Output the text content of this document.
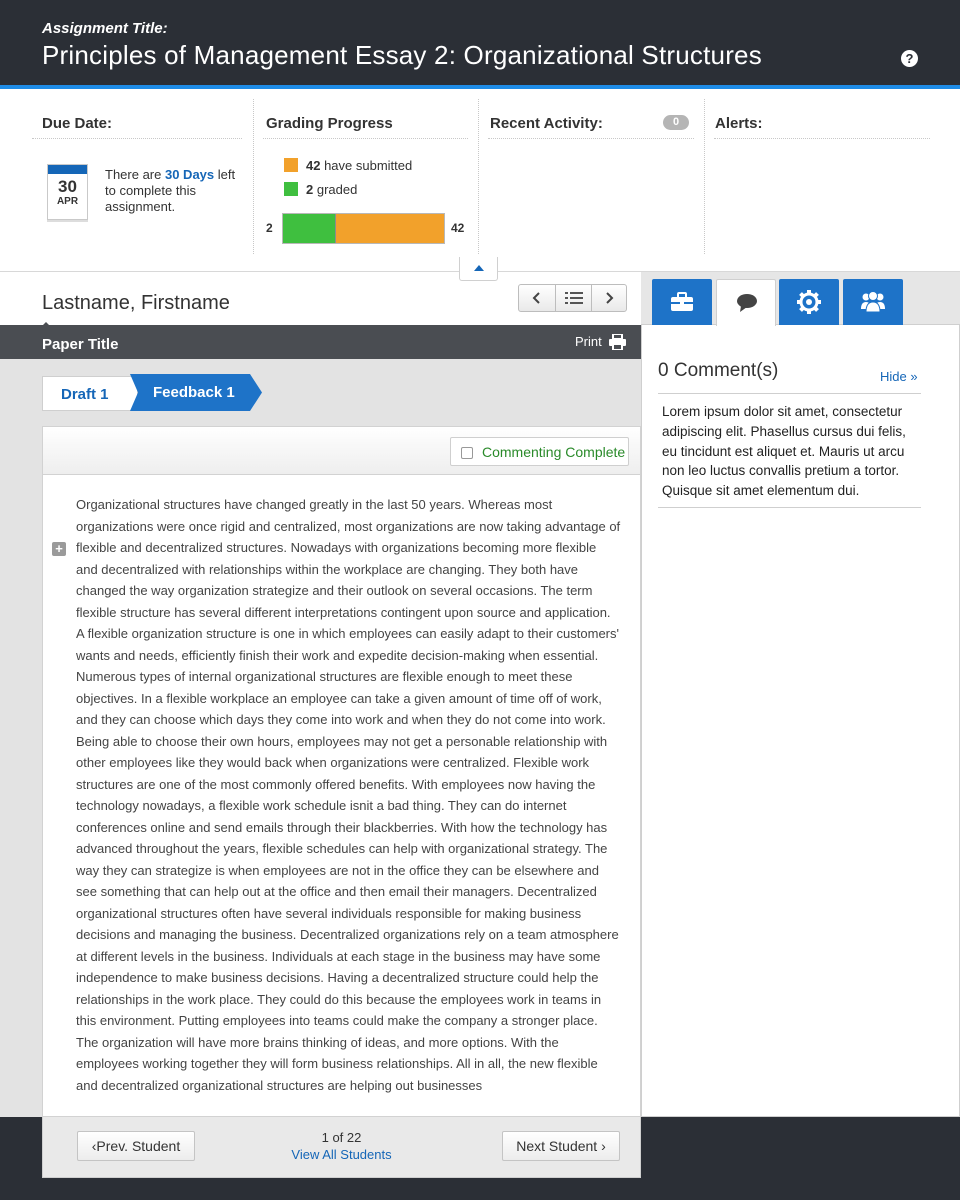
Assignment Title:
Principles of Management Essay 2: Organizational Structures	?
Due Date:	Grading Progress	Recent Activity:	0	Alerts:
30
APR
There are 30 Days left to complete this assignment.
42 have submitted
2 graded
2	42
Lastname, Firstname
Paper Title	Print
Draft 1	Feedback 1
Commenting Complete
+
Organizational structures have changed greatly in the last 50 years. Whereas most organizations were once rigid and centralized, most organizations are now taking advantage of flexible and decentralized structures. Nowadays with organizations becoming more flexible and decentralized with relationships within the workplace are changing. They both have changed the way organization strategize and their outlook on several occasions. The term flexible structure has several different interpretations contingent upon source and application. A flexible organization structure is one in which employees can easily adapt to their customers' wants and needs, efficiently finish their work and expedite decision-making when essential. Numerous types of internal organizational structures are flexible enough to meet these objectives. In a flexible workplace an employee can take a given amount of time off of work, and they can choose which days they come into work and when they do not come into work. Being able to choose their own hours, employees may not get a personable relationship with other employees like they would back when organizations were centralized. Flexible work structures are one of the most commonly offered benefits. With employees now having the technology nowadays, a flexible work schedule isnit a bad thing. They can do internet conferences online and send emails through their blackberries. With how the technology has advanced throughout the years, flexible schedules can help with organizational strategy. The way they can strategize is when employees are not in the office they can be elsewhere and see something that can help out at the office and then email their managers. Decentralized organizational structures often have several individuals responsible for making business decisions and managing the business. Decentralized organizations rely on a team atmosphere at different levels in the business. Individuals at each stage in the business may have some independence to make business decisions. Having a decentralized structure could help the relationships in the work place. They could do this because the employees work in teams in this environment. Putting employees into teams could make the company a stronger place. The organization will have more brains thinking of ideas, and more options. With the employees working together they will form business relationships. All in all, the new flexible and decentralized organizational structures are helping out businesses
‹Prev. Student
1 of 22
View All Students
Next Student ›
0 Comment(s)	Hide »
Lorem ipsum dolor sit amet, consectetur adipiscing elit. Phasellus cursus dui felis, eu tincidunt est aliquet et. Mauris ut arcu non leo luctus convallis pretium a tortor. Quisque sit amet elementum dui.
